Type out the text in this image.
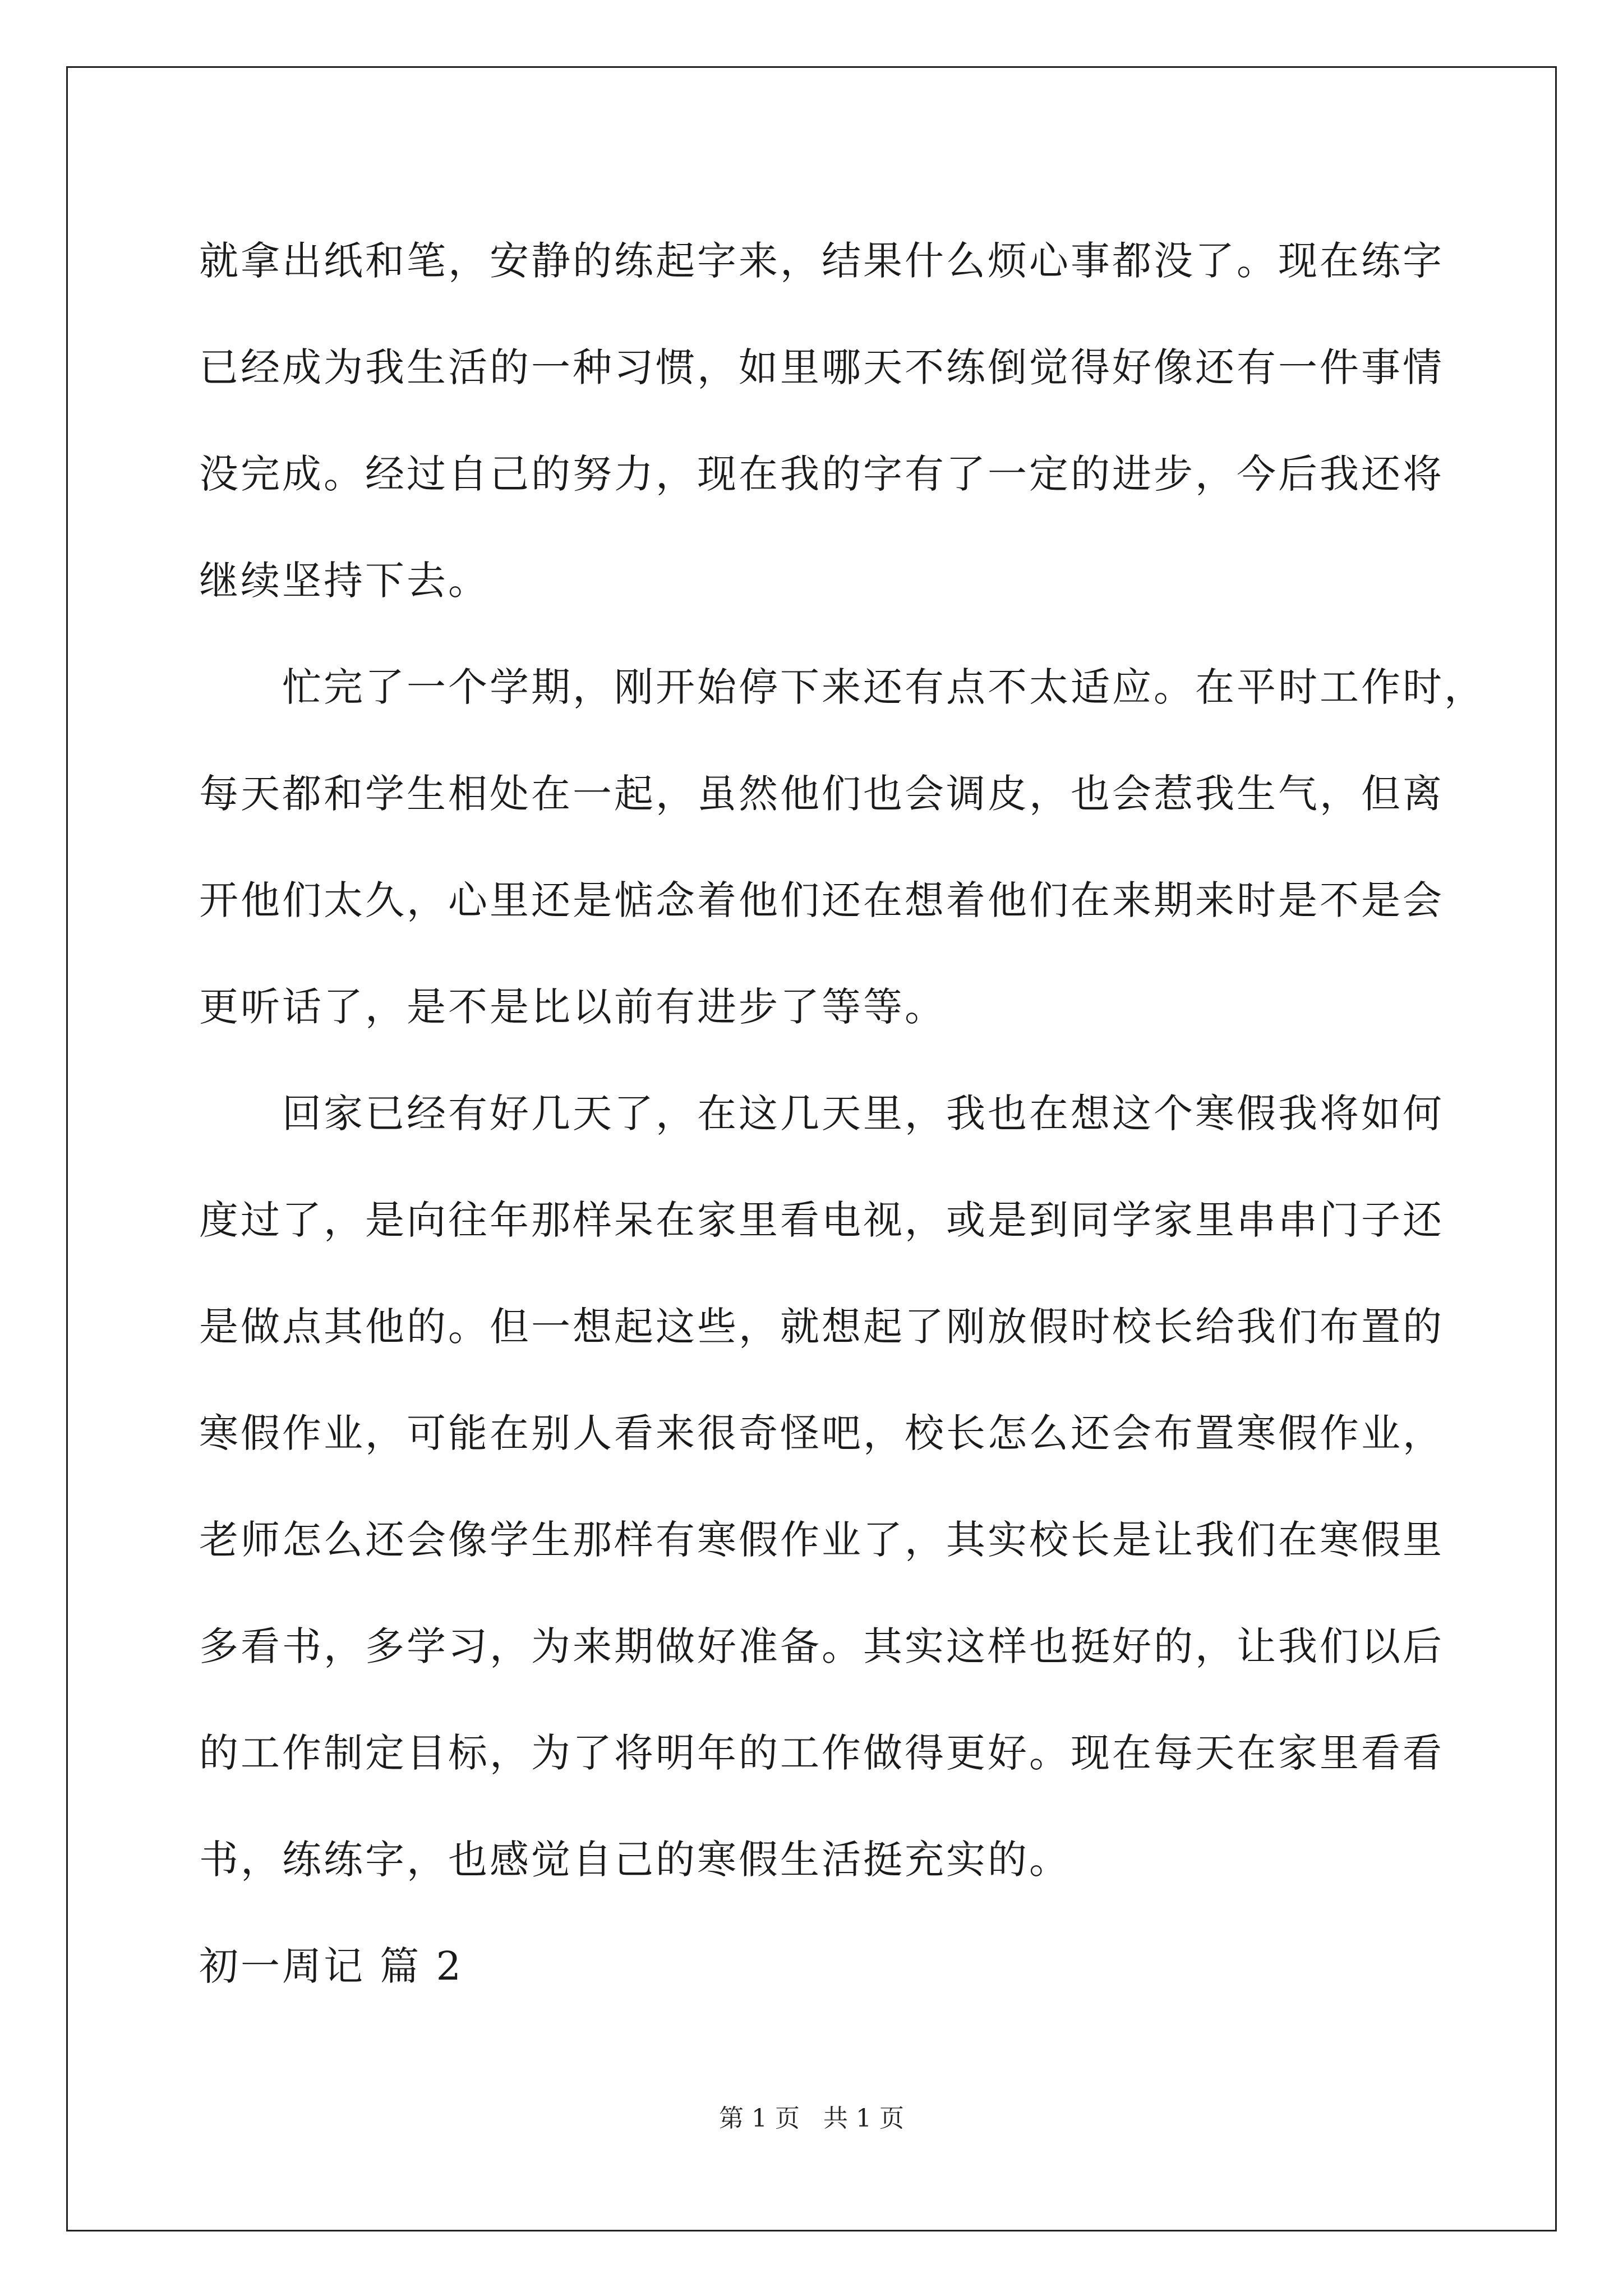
就拿出纸和笔，安静的练起字来，结果什么烦心事都没了。现在练字
已经成为我生活的一种习惯，如里哪天不练倒觉得好像还有一件事情
没完成。经过自己的努力，现在我的字有了一定的进步，今后我还将
继续坚持下去。
忙完了一个学期，刚开始停下来还有点不太适应。在平时工作时，
每天都和学生相处在一起，虽然他们也会调皮，也会惹我生气，但离
开他们太久，心里还是惦念着他们还在想着他们在来期来时是不是会
更听话了，是不是比以前有进步了等等。
回家已经有好几天了，在这几天里，我也在想这个寒假我将如何
度过了，是向往年那样呆在家里看电视，或是到同学家里串串门子还
是做点其他的。但一想起这些，就想起了刚放假时校长给我们布置的
寒假作业，可能在别人看来很奇怪吧，校长怎么还会布置寒假作业，
老师怎么还会像学生那样有寒假作业了，其实校长是让我们在寒假里
多看书，多学习，为来期做好准备。其实这样也挺好的，让我们以后
的工作制定目标，为了将明年的工作做得更好。现在每天在家里看看
书，练练字，也感觉自己的寒假生活挺充实的。
初一周记 篇 2
第 1 页   共 1 页
